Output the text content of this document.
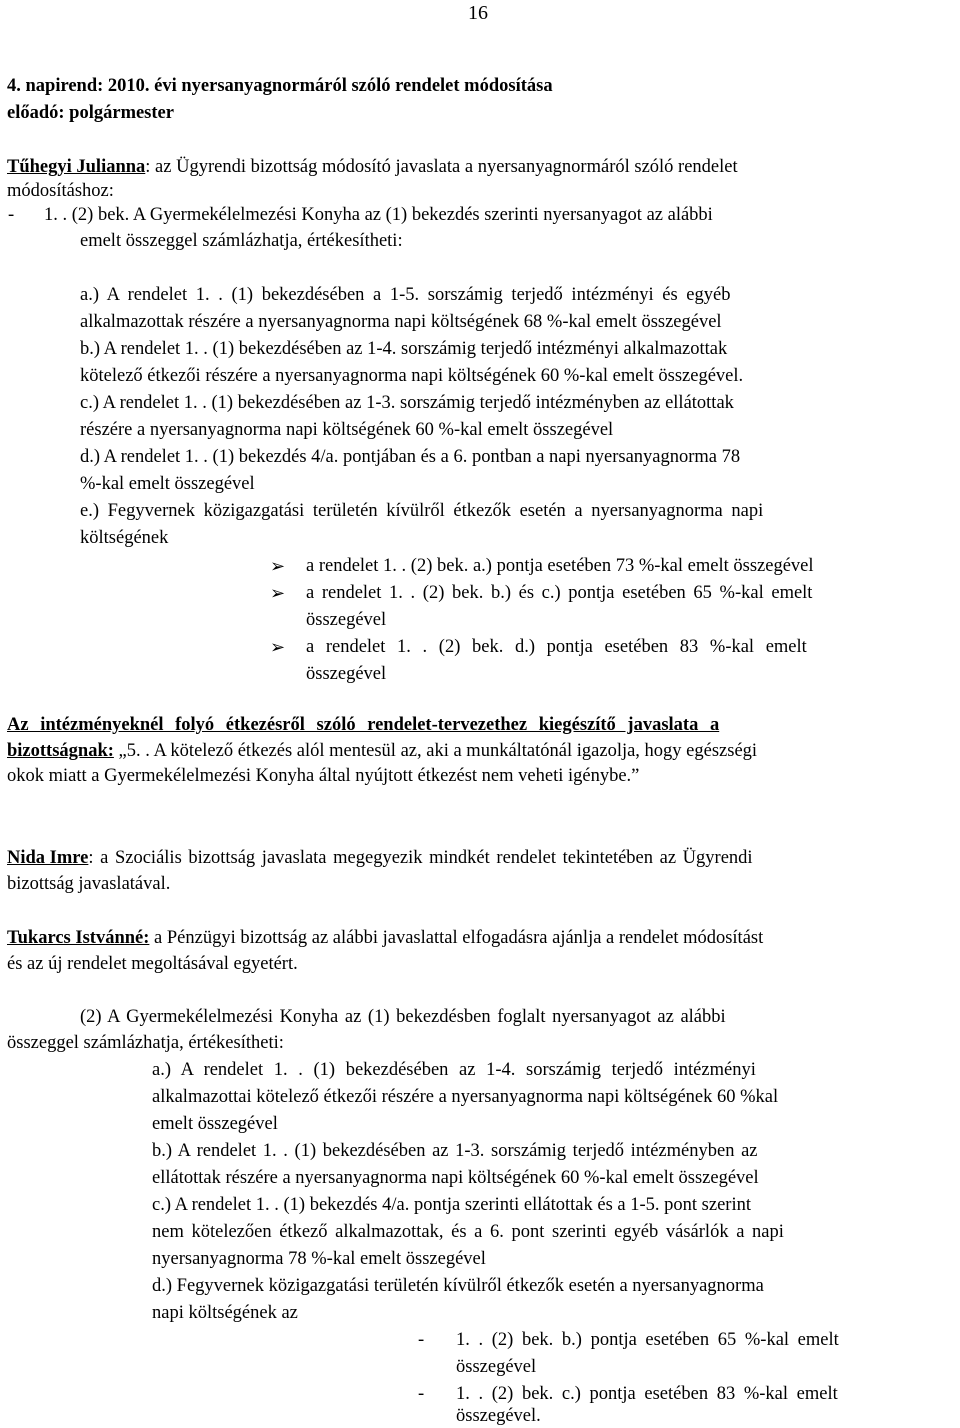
16
4. napirend: 2010. évi nyersanyagnormáról szóló rendelet módosítása
előadó: polgármester
Tűhegyi Julianna: az Ügyrendi bizottság módosító javaslata a nyersanyagnormáról szóló rendelet
módosításhoz:
- 1. . (2) bek. A Gyermekélelmezési Konyha az (1) bekezdés szerinti nyersanyagot az alábbi
emelt összeggel számlázhatja, értékesítheti:
a.) A rendelet 1. . (1) bekezdésében a 1-5. sorszámig terjedő intézményi és egyéb
alkalmazottak részére a nyersanyagnorma napi költségének 68 %-kal emelt összegével
b.) A rendelet 1. . (1) bekezdésében az 1-4. sorszámig terjedő intézményi alkalmazottak
kötelező étkezői részére a nyersanyagnorma napi költségének 60 %-kal emelt összegével.
c.) A rendelet 1. . (1) bekezdésében az 1-3. sorszámig terjedő intézményben az ellátottak
részére a nyersanyagnorma napi költségének 60 %-kal emelt összegével
d.) A rendelet 1. . (1) bekezdés 4/a. pontjában és a 6. pontban a napi nyersanyagnorma 78
%-kal emelt összegével
e.) Fegyvernek közigazgatási területén kívülről étkezők esetén a nyersanyagnorma napi
költségének
➢ a rendelet 1. . (2) bek. a.) pontja esetében 73 %-kal emelt összegével
➢ a rendelet 1. . (2) bek. b.) és c.) pontja esetében 65 %-kal emelt
összegével
➢ a rendelet 1. . (2) bek. d.) pontja esetében 83 %-kal emelt
összegével
Az intézményeknél folyó étkezésről szóló rendelet-tervezethez kiegészítő javaslata a
bizottságnak: „5. . A kötelező étkezés alól mentesül az, aki a munkáltatónál igazolja, hogy egészségi
okok miatt a Gyermekélelmezési Konyha által nyújtott étkezést nem veheti igénybe.”
Nida Imre: a Szociális bizottság javaslata megegyezik mindkét rendelet tekintetében az Ügyrendi
bizottság javaslatával.
Tukarcs Istvánné: a Pénzügyi bizottság az alábbi javaslattal elfogadásra ajánlja a rendelet módosítást
és az új rendelet megoltásával egyetért.
(2) A Gyermekélelmezési Konyha az (1) bekezdésben foglalt nyersanyagot az alábbi
összeggel számlázhatja, értékesítheti:
a.) A rendelet 1. . (1) bekezdésében az 1-4. sorszámig terjedő intézményi
alkalmazottai kötelező étkezői részére a nyersanyagnorma napi költségének 60 %kal
emelt összegével
b.) A rendelet 1. . (1) bekezdésében az 1-3. sorszámig terjedő intézményben az
ellátottak részére a nyersanyagnorma napi költségének 60 %-kal emelt összegével
c.) A rendelet 1. . (1) bekezdés 4/a. pontja szerinti ellátottak és a 1-5. pont szerint
nem kötelezően étkező alkalmazottak, és a 6. pont szerinti egyéb vásárlók a napi
nyersanyagnorma 78 %-kal emelt összegével
d.) Fegyvernek közigazgatási területén kívülről étkezők esetén a nyersanyagnorma
napi költségének az
- 1. . (2) bek. b.) pontja esetében 65 %-kal emelt
összegével
- 1. . (2) bek. c.) pontja esetében 83 %-kal emelt
összegével.
